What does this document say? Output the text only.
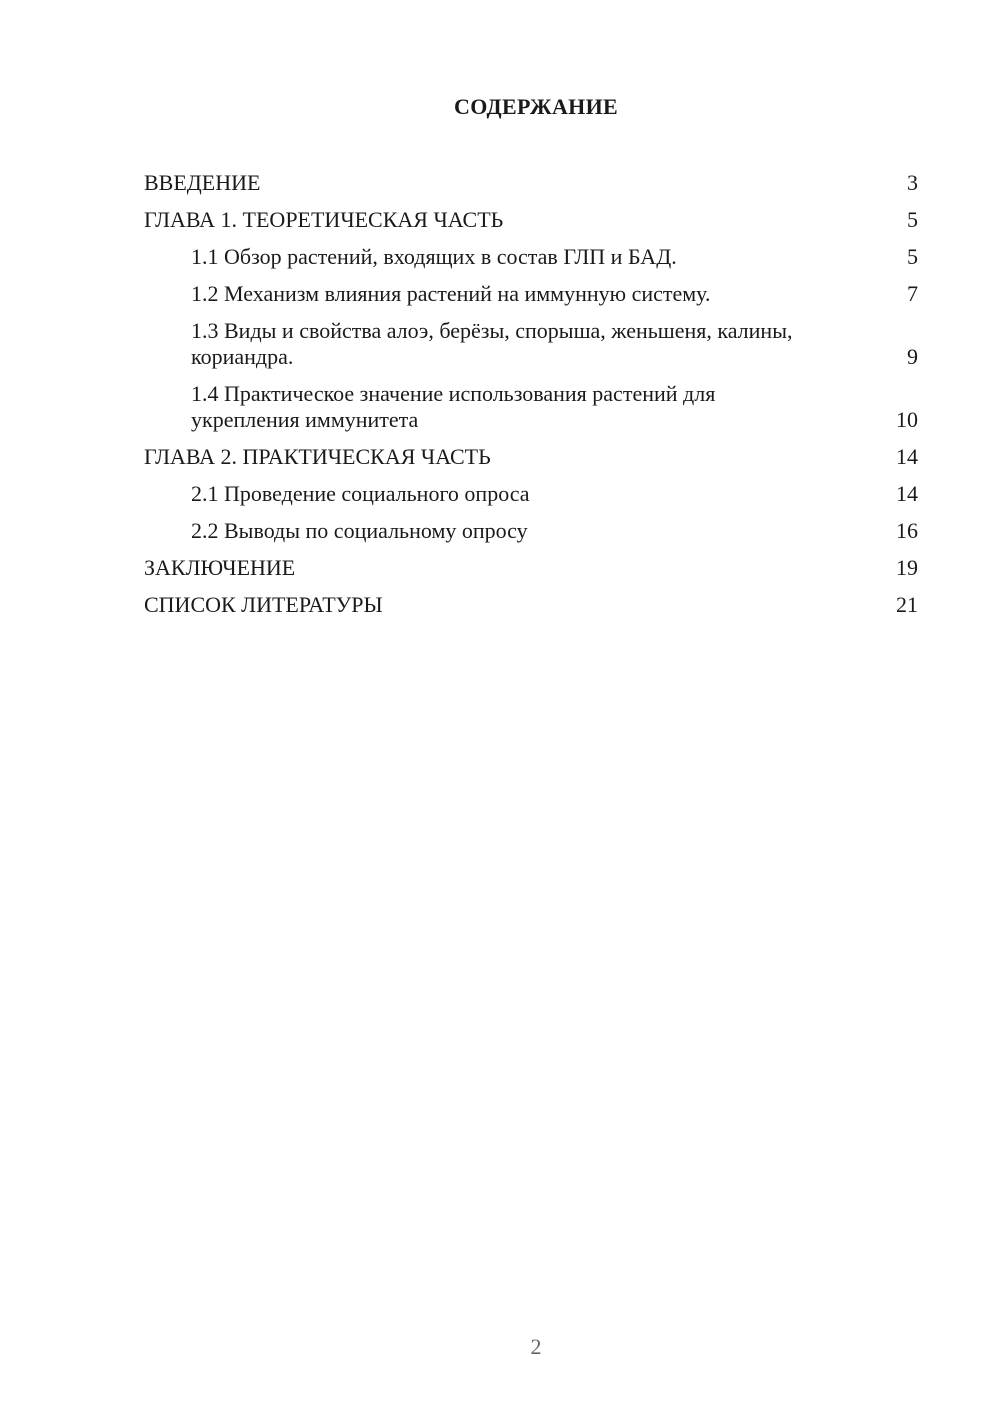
СОДЕРЖАНИЕ
ВВЕДЕНИЕ	3
ГЛАВА 1. ТЕОРЕТИЧЕСКАЯ ЧАСТЬ	5
1.1 Обзор растений, входящих в состав ГЛП и БАД.	5
1.2 Механизм влияния растений на иммунную систему.	7
1.3 Виды и свойства алоэ, берёзы, спорыша, женьшеня, калины, кориандра.	9
1.4 Практическое значение использования растений для укрепления иммунитета	10
ГЛАВА 2. ПРАКТИЧЕСКАЯ ЧАСТЬ	14
2.1 Проведение социального опроса	14
2.2 Выводы по социальному опросу	16
ЗАКЛЮЧЕНИЕ	19
СПИСОК ЛИТЕРАТУРЫ	21
2
